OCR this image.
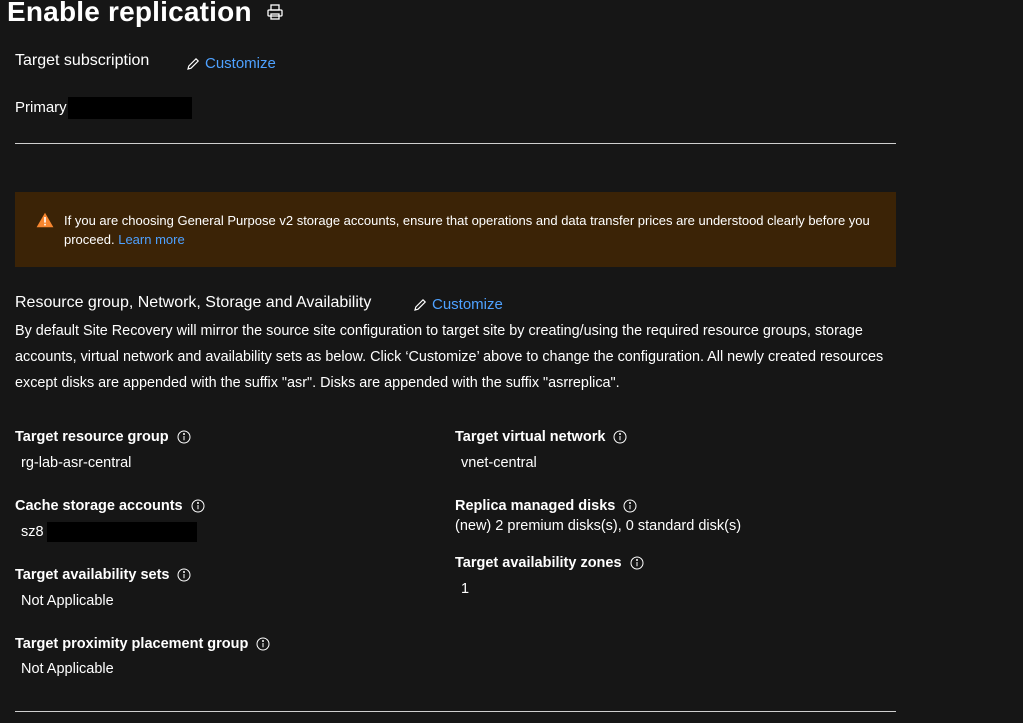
Enable replication
Target subscription	Customize
Primary
If you are choosing General Purpose v2 storage accounts, ensure that operations and data transfer prices are understood clearly before you proceed. Learn more
Resource group, Network, Storage and Availability	Customize
By default Site Recovery will mirror the source site configuration to target site by creating/using the required resource groups, storage accounts, virtual network and availability sets as below. Click ‘Customize’ above to change the configuration. All newly created resources except disks are appended with the suffix "asr". Disks are appended with the suffix "asrreplica".
Target resource group
rg-lab-asr-central
Cache storage accounts
sz8
Target availability sets
Not Applicable
Target proximity placement group
Not Applicable
Target virtual network
vnet-central
Replica managed disks
(new) 2 premium disks(s), 0 standard disk(s)
Target availability zones
1
